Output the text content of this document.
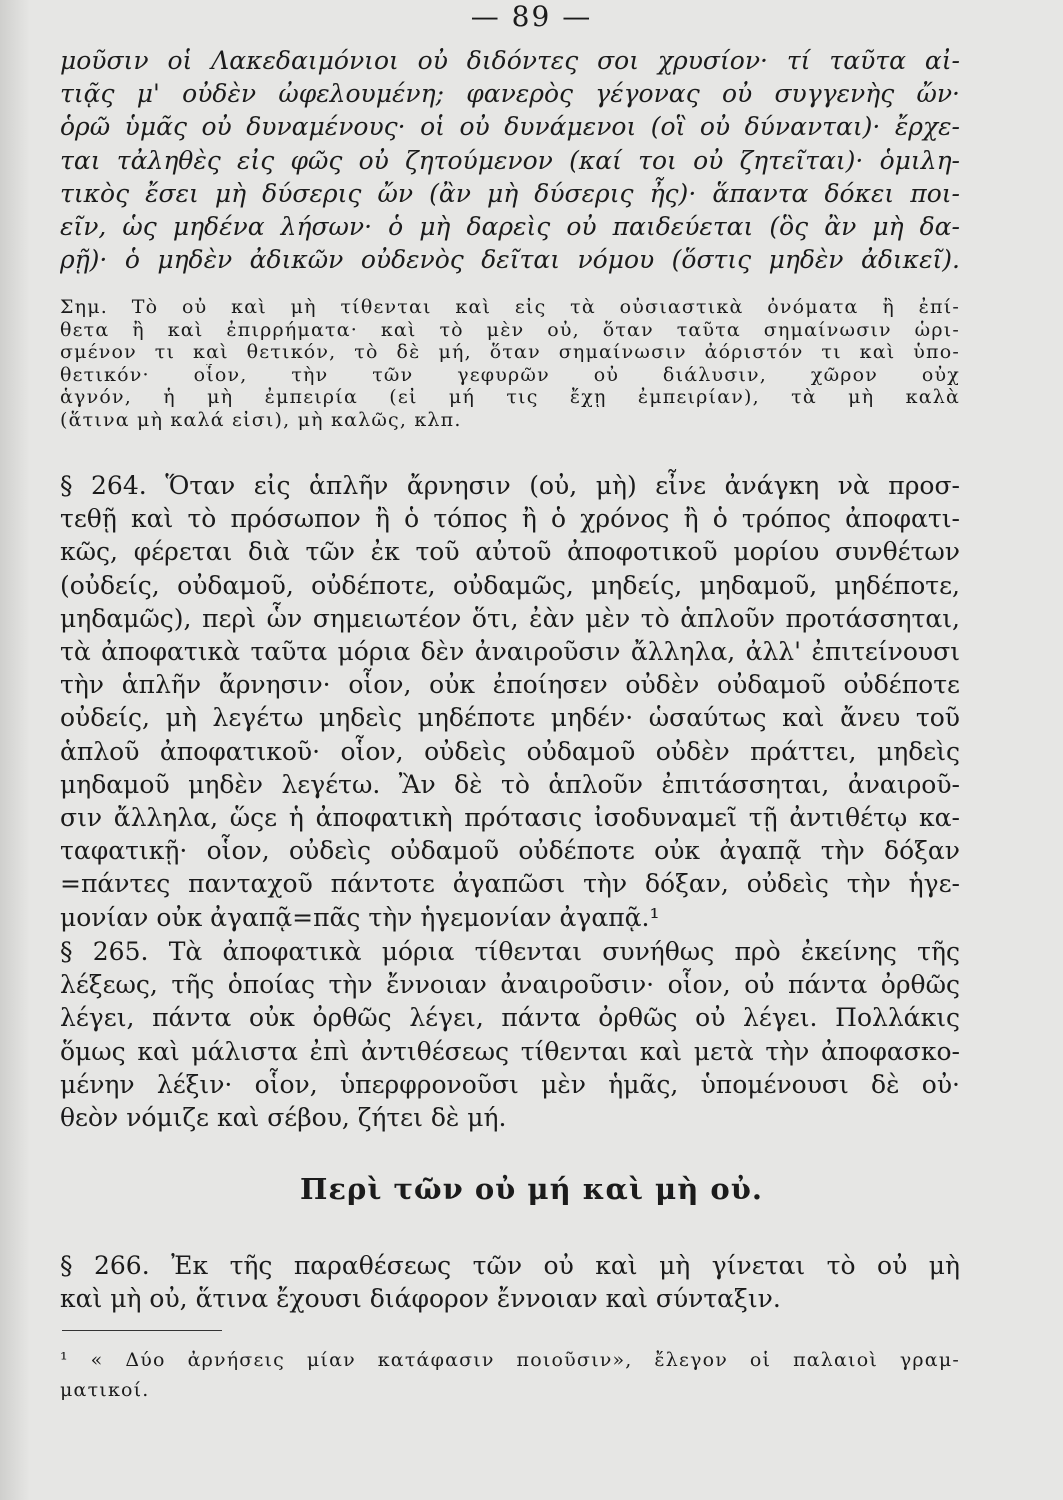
— 89 —
μοῦσιν οἱ Λακεδαιμόνιοι οὐ διδόντες σοι χρυσίον· τί ταῦτα αἰ-
τιᾷς μ' οὐδὲν ὠφελουμένη; φανερὸς γέγονας οὐ συγγενὴς ὤν·
ὁρῶ ὑμᾶς οὐ δυναμένους· οἱ οὐ δυνάμενοι (οἳ οὐ δύνανται)· ἔρχε-
ται τἀληθὲς εἰς φῶς οὐ ζητούμενον (καί τοι οὐ ζητεῖται)· ὁμιλη-
τικὸς ἔσει μὴ δύσερις ὤν (ἂν μὴ δύσερις ἦς)· ἅπαντα δόκει ποι-
εῖν, ὡς μηδένα λήσων· ὁ μὴ δαρεὶς οὐ παιδεύεται (ὃς ἂν μὴ δα-
ρῇ)· ὁ μηδὲν ἀδικῶν οὐδενὸς δεῖται νόμου (ὅστις μηδὲν ἀδικεῖ).
Σημ. Τὸ οὐ καὶ μὴ τίθενται καὶ εἰς τὰ οὐσιαστικὰ ὀνόματα ἢ ἐπί-
θετα ἢ καὶ ἐπιρρήματα· καὶ τὸ μὲν οὐ, ὅταν ταῦτα σημαίνωσιν ὡρι-
σμένον τι καὶ θετικόν, τὸ δὲ μή, ὅταν σημαίνωσιν ἀόριστόν τι καὶ ὑπο-
θετικόν· οἷον, τὴν τῶν γεφυρῶν οὐ διάλυσιν, χῶρον οὐχ
ἁγνόν, ἡ μὴ ἐμπειρία (εἰ μή τις ἔχῃ ἐμπειρίαν), τὰ μὴ καλὰ
(ἅτινα μὴ καλά εἰσι), μὴ καλῶς, κλπ.
§ 264. Ὅταν εἰς ἁπλῆν ἄρνησιν (οὐ, μὴ) εἶνε ἀνάγκη νὰ προσ-
τεθῇ καὶ τὸ πρόσωπον ἢ ὁ τόπος ἢ ὁ χρόνος ἢ ὁ τρόπος ἀποφατι-
κῶς, φέρεται διὰ τῶν ἐκ τοῦ αὐτοῦ ἀποφοτικοῦ μορίου συνθέτων
(οὐδείς, οὐδαμοῦ, οὐδέποτε, οὐδαμῶς, μηδείς, μηδαμοῦ, μηδέποτε,
μηδαμῶς), περὶ ὧν σημειωτέον ὅτι, ἐὰν μὲν τὸ ἁπλοῦν προτάσσηται,
τὰ ἀποφατικὰ ταῦτα μόρια δὲν ἀναιροῦσιν ἄλληλα, ἀλλ' ἐπιτείνουσι
τὴν ἁπλῆν ἄρνησιν· οἷον, οὐκ ἐποίησεν οὐδὲν οὐδαμοῦ οὐδέποτε
οὐδείς, μὴ λεγέτω μηδεὶς μηδέποτε μηδέν· ὡσαύτως καὶ ἄνευ τοῦ
ἁπλοῦ ἀποφατικοῦ· οἷον, οὐδεὶς οὐδαμοῦ οὐδὲν πράττει, μηδεὶς
μηδαμοῦ μηδὲν λεγέτω. Ἂν δὲ τὸ ἁπλοῦν ἐπιτάσσηται, ἀναιροῦ-
σιν ἄλληλα, ὥςε ἡ ἀποφατικὴ πρότασις ἰσοδυναμεῖ τῇ ἀντιθέτῳ κα-
ταφατικῇ· οἷον, οὐδεὶς οὐδαμοῦ οὐδέποτε οὐκ ἀγαπᾷ τὴν δόξαν
=πάντες πανταχοῦ πάντοτε ἀγαπῶσι τὴν δόξαν, οὐδεὶς τὴν ἡγε-
μονίαν οὐκ ἀγαπᾷ=πᾶς τὴν ἡγεμονίαν ἀγαπᾷ.¹
§ 265. Τὰ ἀποφατικὰ μόρια τίθενται συνήθως πρὸ ἐκείνης τῆς
λέξεως, τῆς ὁποίας τὴν ἔννοιαν ἀναιροῦσιν· οἷον, οὐ πάντα ὀρθῶς
λέγει, πάντα οὐκ ὀρθῶς λέγει, πάντα ὀρθῶς οὐ λέγει. Πολλάκις
ὅμως καὶ μάλιστα ἐπὶ ἀντιθέσεως τίθενται καὶ μετὰ τὴν ἀποφασκο-
μένην λέξιν· οἷον, ὑπερφρονοῦσι μὲν ἡμᾶς, ὑπομένουσι δὲ οὐ·
θεὸν νόμιζε καὶ σέβου, ζήτει δὲ μή.
Περὶ τῶν οὐ μή καὶ μὴ οὐ.
§ 266. Ἐκ τῆς παραθέσεως τῶν οὐ καὶ μὴ γίνεται τὸ οὐ μὴ
καὶ μὴ οὐ, ἅτινα ἔχουσι διάφορον ἔννοιαν καὶ σύνταξιν.
¹ « Δύο ἀρνήσεις μίαν κατάφασιν ποιοῦσιν», ἔλεγον οἱ παλαιοὶ γραμ-
ματικοί.
